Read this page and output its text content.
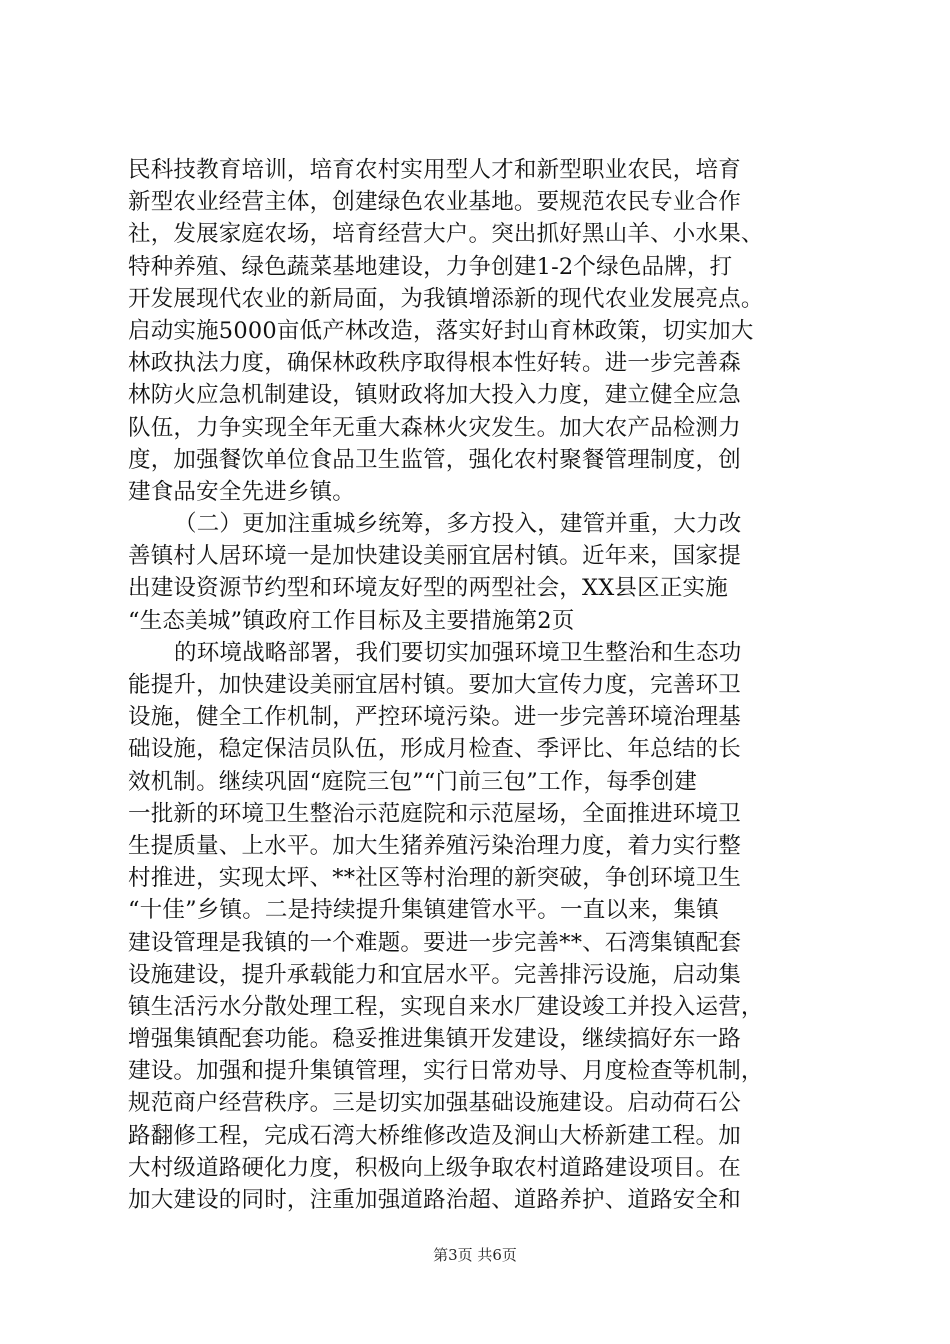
民科技教育培训，培育农村实用型人才和新型职业农民，培育
新型农业经营主体，创建绿色农业基地。要规范农民专业合作
社，发展家庭农场，培育经营大户。突出抓好黑山羊、小水果、
特种养殖、绿色蔬菜基地建设，力争创建1-2个绿色品牌，打
开发展现代农业的新局面，为我镇增添新的现代农业发展亮点。
启动实施5000亩低产林改造，落实好封山育林政策，切实加大
林政执法力度，确保林政秩序取得根本性好转。进一步完善森
林防火应急机制建设，镇财政将加大投入力度，建立健全应急
队伍，力争实现全年无重大森林火灾发生。加大农产品检测力
度，加强餐饮单位食品卫生监管，强化农村聚餐管理制度，创
建食品安全先进乡镇。
（二）更加注重城乡统筹，多方投入，建管并重，大力改
善镇村人居环境一是加快建设美丽宜居村镇。近年来，国家提
出建设资源节约型和环境友好型的两型社会，XX县区正实施
“生态美城”镇政府工作目标及主要措施第2页
的环境战略部署，我们要切实加强环境卫生整治和生态功
能提升，加快建设美丽宜居村镇。要加大宣传力度，完善环卫
设施，健全工作机制，严控环境污染。进一步完善环境治理基
础设施，稳定保洁员队伍，形成月检查、季评比、年总结的长
效机制。继续巩固“庭院三包”“门前三包”工作，每季创建
一批新的环境卫生整治示范庭院和示范屋场，全面推进环境卫
生提质量、上水平。加大生猪养殖污染治理力度，着力实行整
村推进，实现太坪、**社区等村治理的新突破，争创环境卫生
“十佳”乡镇。二是持续提升集镇建管水平。一直以来，集镇
建设管理是我镇的一个难题。要进一步完善**、石湾集镇配套
设施建设，提升承载能力和宜居水平。完善排污设施，启动集
镇生活污水分散处理工程，实现自来水厂建设竣工并投入运营，
增强集镇配套功能。稳妥推进集镇开发建设，继续搞好东一路
建设。加强和提升集镇管理，实行日常劝导、月度检查等机制，
规范商户经营秩序。三是切实加强基础设施建设。启动荷石公
路翻修工程，完成石湾大桥维修改造及涧山大桥新建工程。加
大村级道路硬化力度，积极向上级争取农村道路建设项目。在
加大建设的同时，注重加强道路治超、道路养护、道路安全和
第3页 共6页
